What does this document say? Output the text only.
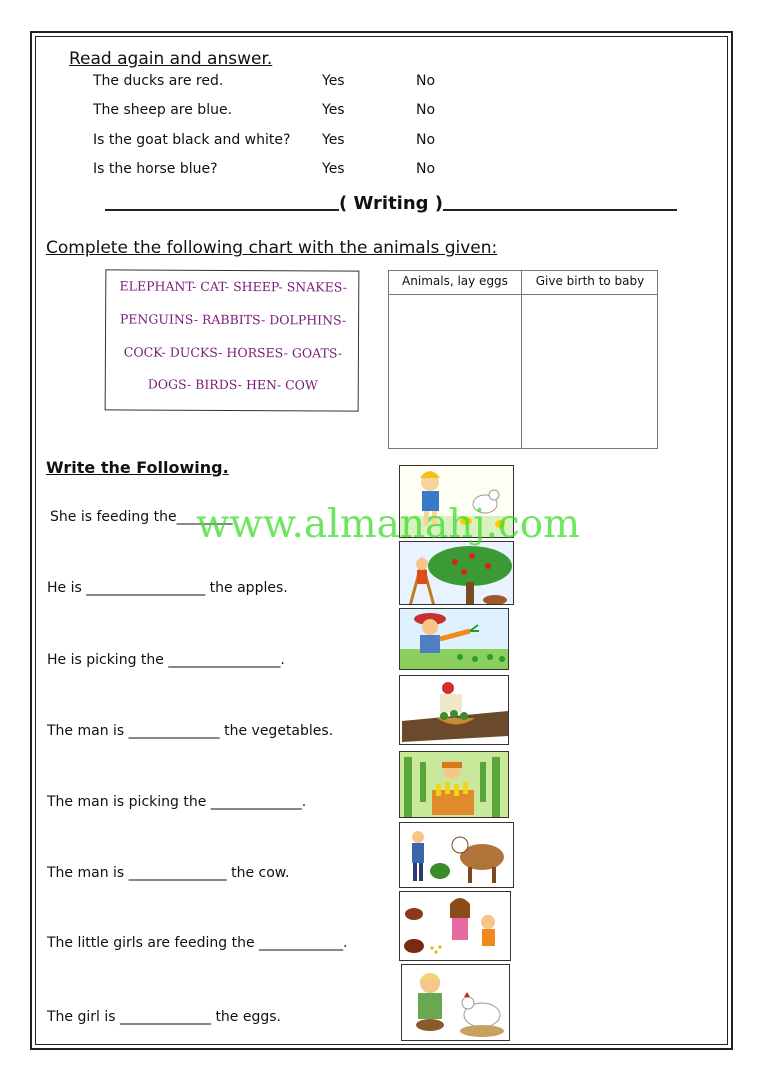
Read again and answer.
The ducks are red.	Yes	No
The sheep are blue.	Yes	No
Is the goat black and white? Yes	No
Is the horse blue?	Yes	No
( Writing )
Complete the following chart with the animals given:
ELEPHANT- CAT- SHEEP- SNAKES-
PENGUINS- RABBITS- DOLPHINS-
COCK- DUCKS- HORSES- GOATS-
DOGS- BIRDS- HEN- COW
Animals, lay eggs	Give birth to baby
Write the Following.
She is feeding the________
He is _________________ the apples.
He is picking the ________________.
The man is _____________ the vegetables.
The man is picking the _____________.
The man is ______________ the cow.
The little girls are feeding the ____________.
The girl is _____________ the eggs.
www.almanahj.com
